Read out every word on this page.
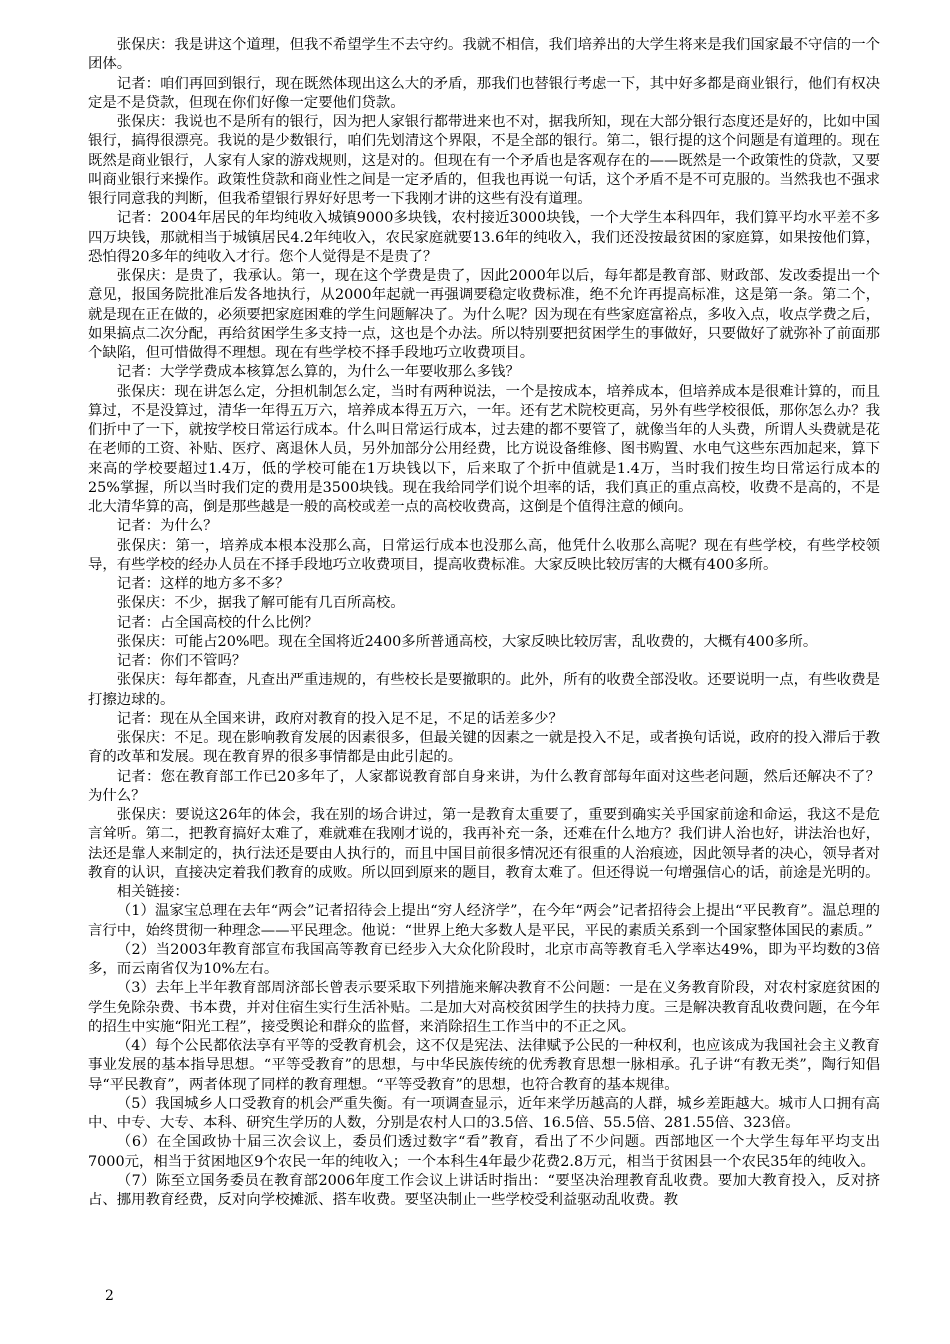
张保庆：我是讲这个道理，但我不希望学生不去守约。我就不相信，我们培养出的大学生将来是我们国家最不守信的一个团体。

记者：咱们再回到银行，现在既然体现出这么大的矛盾，那我们也替银行考虑一下，其中好多都是商业银行，他们有权决定是不是贷款，但现在你们好像一定要他们贷款。

张保庆：我说也不是所有的银行，因为把人家银行都带进来也不对，据我所知，现在大部分银行态度还是好的，比如中国银行，搞得很漂亮。我说的是少数银行，咱们先划清这个界限，不是全部的银行。第二，银行提的这个问题是有道理的。现在既然是商业银行，人家有人家的游戏规则，这是对的。但现在有一个矛盾也是客观存在的——既然是一个政策性的贷款，又要叫商业银行来操作。政策性贷款和商业性之间是一定矛盾的，但我也再说一句话，这个矛盾不是不可克服的。当然我也不强求银行同意我的判断，但我希望银行界好好思考一下我刚才讲的这些有没有道理。

记者：2004年居民的年均纯收入城镇9000多块钱，农村接近3000块钱，一个大学生本科四年，我们算平均水平差不多四万块钱，那就相当于城镇居民4.2年纯收入，农民家庭就要13.6年的纯收入，我们还没按最贫困的家庭算，如果按他们算，恐怕得20多年的纯收入才行。您个人觉得是不是贵了？

张保庆：是贵了，我承认。第一，现在这个学费是贵了，因此2000年以后，每年都是教育部、财政部、发改委提出一个意见，报国务院批准后发各地执行，从2000年起就一再强调要稳定收费标准，绝不允许再提高标准，这是第一条。第二个，就是现在正在做的，必须要把家庭困难的学生问题解决了。为什么呢？因为现在有些家庭富裕点，多收入点，收点学费之后，如果搞点二次分配，再给贫困学生多支持一点，这也是个办法。所以特别要把贫困学生的事做好，只要做好了就弥补了前面那个缺陷，但可惜做得不理想。现在有些学校不择手段地巧立收费项目。

记者：大学学费成本核算怎么算的，为什么一年要收那么多钱？

张保庆：现在讲怎么定，分担机制怎么定，当时有两种说法，一个是按成本，培养成本，但培养成本是很难计算的，而且算过，不是没算过，清华一年得五万六，培养成本得五万六，一年。还有艺术院校更高，另外有些学校很低，那你怎么办？我们折中了一下，就按学校日常运行成本。什么叫日常运行成本，过去建的都不要管了，就像当年的人头费，所谓人头费就是花在老师的工资、补贴、医疗、离退休人员，另外加部分公用经费，比方说设备维修、图书购置、水电气这些东西加起来，算下来高的学校要超过1.4万，低的学校可能在1万块钱以下，后来取了个折中值就是1.4万，当时我们按生均日常运行成本的25%掌握，所以当时我们定的费用是3500块钱。现在我给同学们说个坦率的话，我们真正的重点高校，收费不是高的，不是北大清华算的高，倒是那些越是一般的高校或差一点的高校收费高，这倒是个值得注意的倾向。

记者：为什么？

张保庆：第一，培养成本根本没那么高，日常运行成本也没那么高，他凭什么收那么高呢？现在有些学校，有些学校领导，有些学校的经办人员在不择手段地巧立收费项目，提高收费标准。大家反映比较厉害的大概有400多所。

记者：这样的地方多不多？

张保庆：不少，据我了解可能有几百所高校。

记者：占全国高校的什么比例？

张保庆：可能占20%吧。现在全国将近2400多所普通高校，大家反映比较厉害，乱收费的，大概有400多所。

记者：你们不管吗？

张保庆：每年都查，凡查出严重违规的，有些校长是要撤职的。此外，所有的收费全部没收。还要说明一点，有些收费是打擦边球的。

记者：现在从全国来讲，政府对教育的投入足不足，不足的话差多少？

张保庆：不足。现在影响教育发展的因素很多，但最关键的因素之一就是投入不足，或者换句话说，政府的投入滞后于教育的改革和发展。现在教育界的很多事情都是由此引起的。

记者：您在教育部工作已20多年了，人家都说教育部自身来讲，为什么教育部每年面对这些老问题，然后还解决不了？为什么？

张保庆：要说这26年的体会，我在别的场合讲过，第一是教育太重要了，重要到确实关乎国家前途和命运，我这不是危言耸听。第二，把教育搞好太难了，难就难在我刚才说的，我再补充一条，还难在什么地方？我们讲人治也好，讲法治也好，法还是靠人来制定的，执行法还是要由人执行的，而且中国目前很多情况还有很重的人治痕迹，因此领导者的决心，领导者对教育的认识，直接决定着我们教育的成败。所以回到原来的题目，教育太难了。但还得说一句增强信心的话，前途是光明的。

相关链接：

（1）温家宝总理在去年“两会”记者招待会上提出“穷人经济学”，在今年“两会”记者招待会上提出“平民教育”。温总理的言行中，始终贯彻一种理念——平民理念。他说：“世界上绝大多数人是平民，平民的素质关系到一个国家整体国民的素质。”

（2）当2003年教育部宣布我国高等教育已经步入大众化阶段时，北京市高等教育毛入学率达49%，即为平均数的3倍多，而云南省仅为10%左右。

（3）去年上半年教育部周济部长曾表示要采取下列措施来解决教育不公问题：一是在义务教育阶段，对农村家庭贫困的学生免除杂费、书本费，并对住宿生实行生活补贴。二是加大对高校贫困学生的扶持力度。三是解决教育乱收费问题，在今年的招生中实施“阳光工程”，接受舆论和群众的监督，来消除招生工作当中的不正之风。

（4）每个公民都依法享有平等的受教育机会，这不仅是宪法、法律赋予公民的一种权利，也应该成为我国社会主义教育事业发展的基本指导思想。“平等受教育”的思想，与中华民族传统的优秀教育思想一脉相承。孔子讲“有教无类”，陶行知倡导“平民教育”，两者体现了同样的教育理想。“平等受教育”的思想，也符合教育的基本规律。

（5）我国城乡人口受教育的机会严重失衡。有一项调查显示，近年来学历越高的人群，城乡差距越大。城市人口拥有高中、中专、大专、本科、研究生学历的人数，分别是农村人口的3.5倍、16.5倍、55.5倍、281.55倍、323倍。

（6）在全国政协十届三次会议上，委员们透过数字“看”教育，看出了不少问题。西部地区一个大学生每年平均支出7000元，相当于贫困地区9个农民一年的纯收入；一个本科生4年最少花费2.8万元，相当于贫困县一个农民35年的纯收入。

（7）陈至立国务委员在教育部2006年度工作会议上讲话时指出：“要坚决治理教育乱收费。要加大教育投入，反对挤占、挪用教育经费，反对向学校摊派、搭车收费。要坚决制止一些学校受利益驱动乱收费。教

2
